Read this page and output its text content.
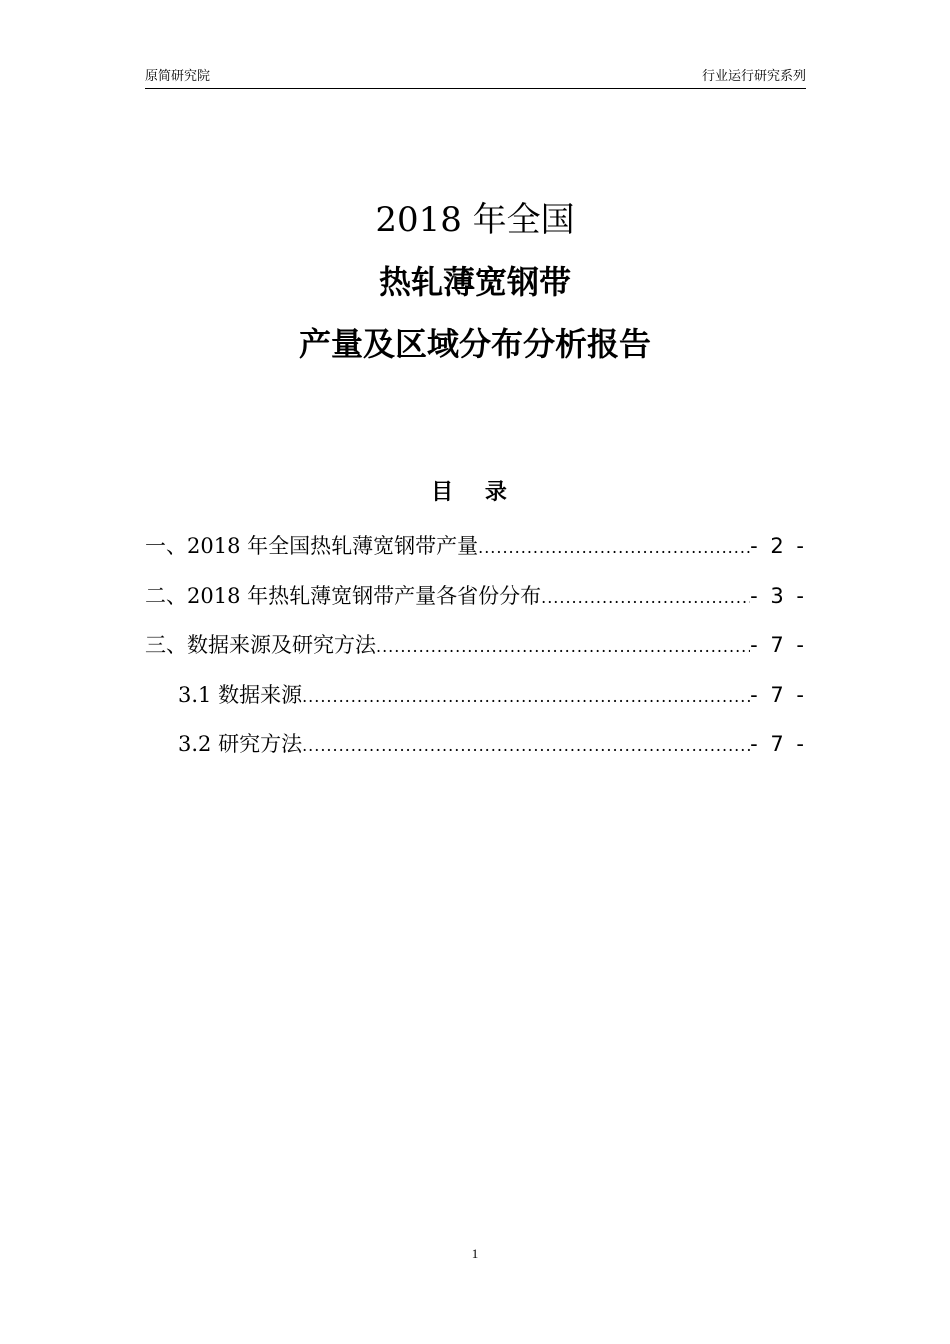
原简研究院	行业运行研究系列
2018 年全国
热轧薄宽钢带
产量及区域分布分析报告
目 录
一、2018 年全国热轧薄宽钢带产量 .....	- 2 -
二、2018 年热轧薄宽钢带产量各省份分布 .....	- 3 -
三、数据来源及研究方法 .....	- 7 -
3.1 数据来源 .....	- 7 -
3.2 研究方法 .....	- 7 -
1
